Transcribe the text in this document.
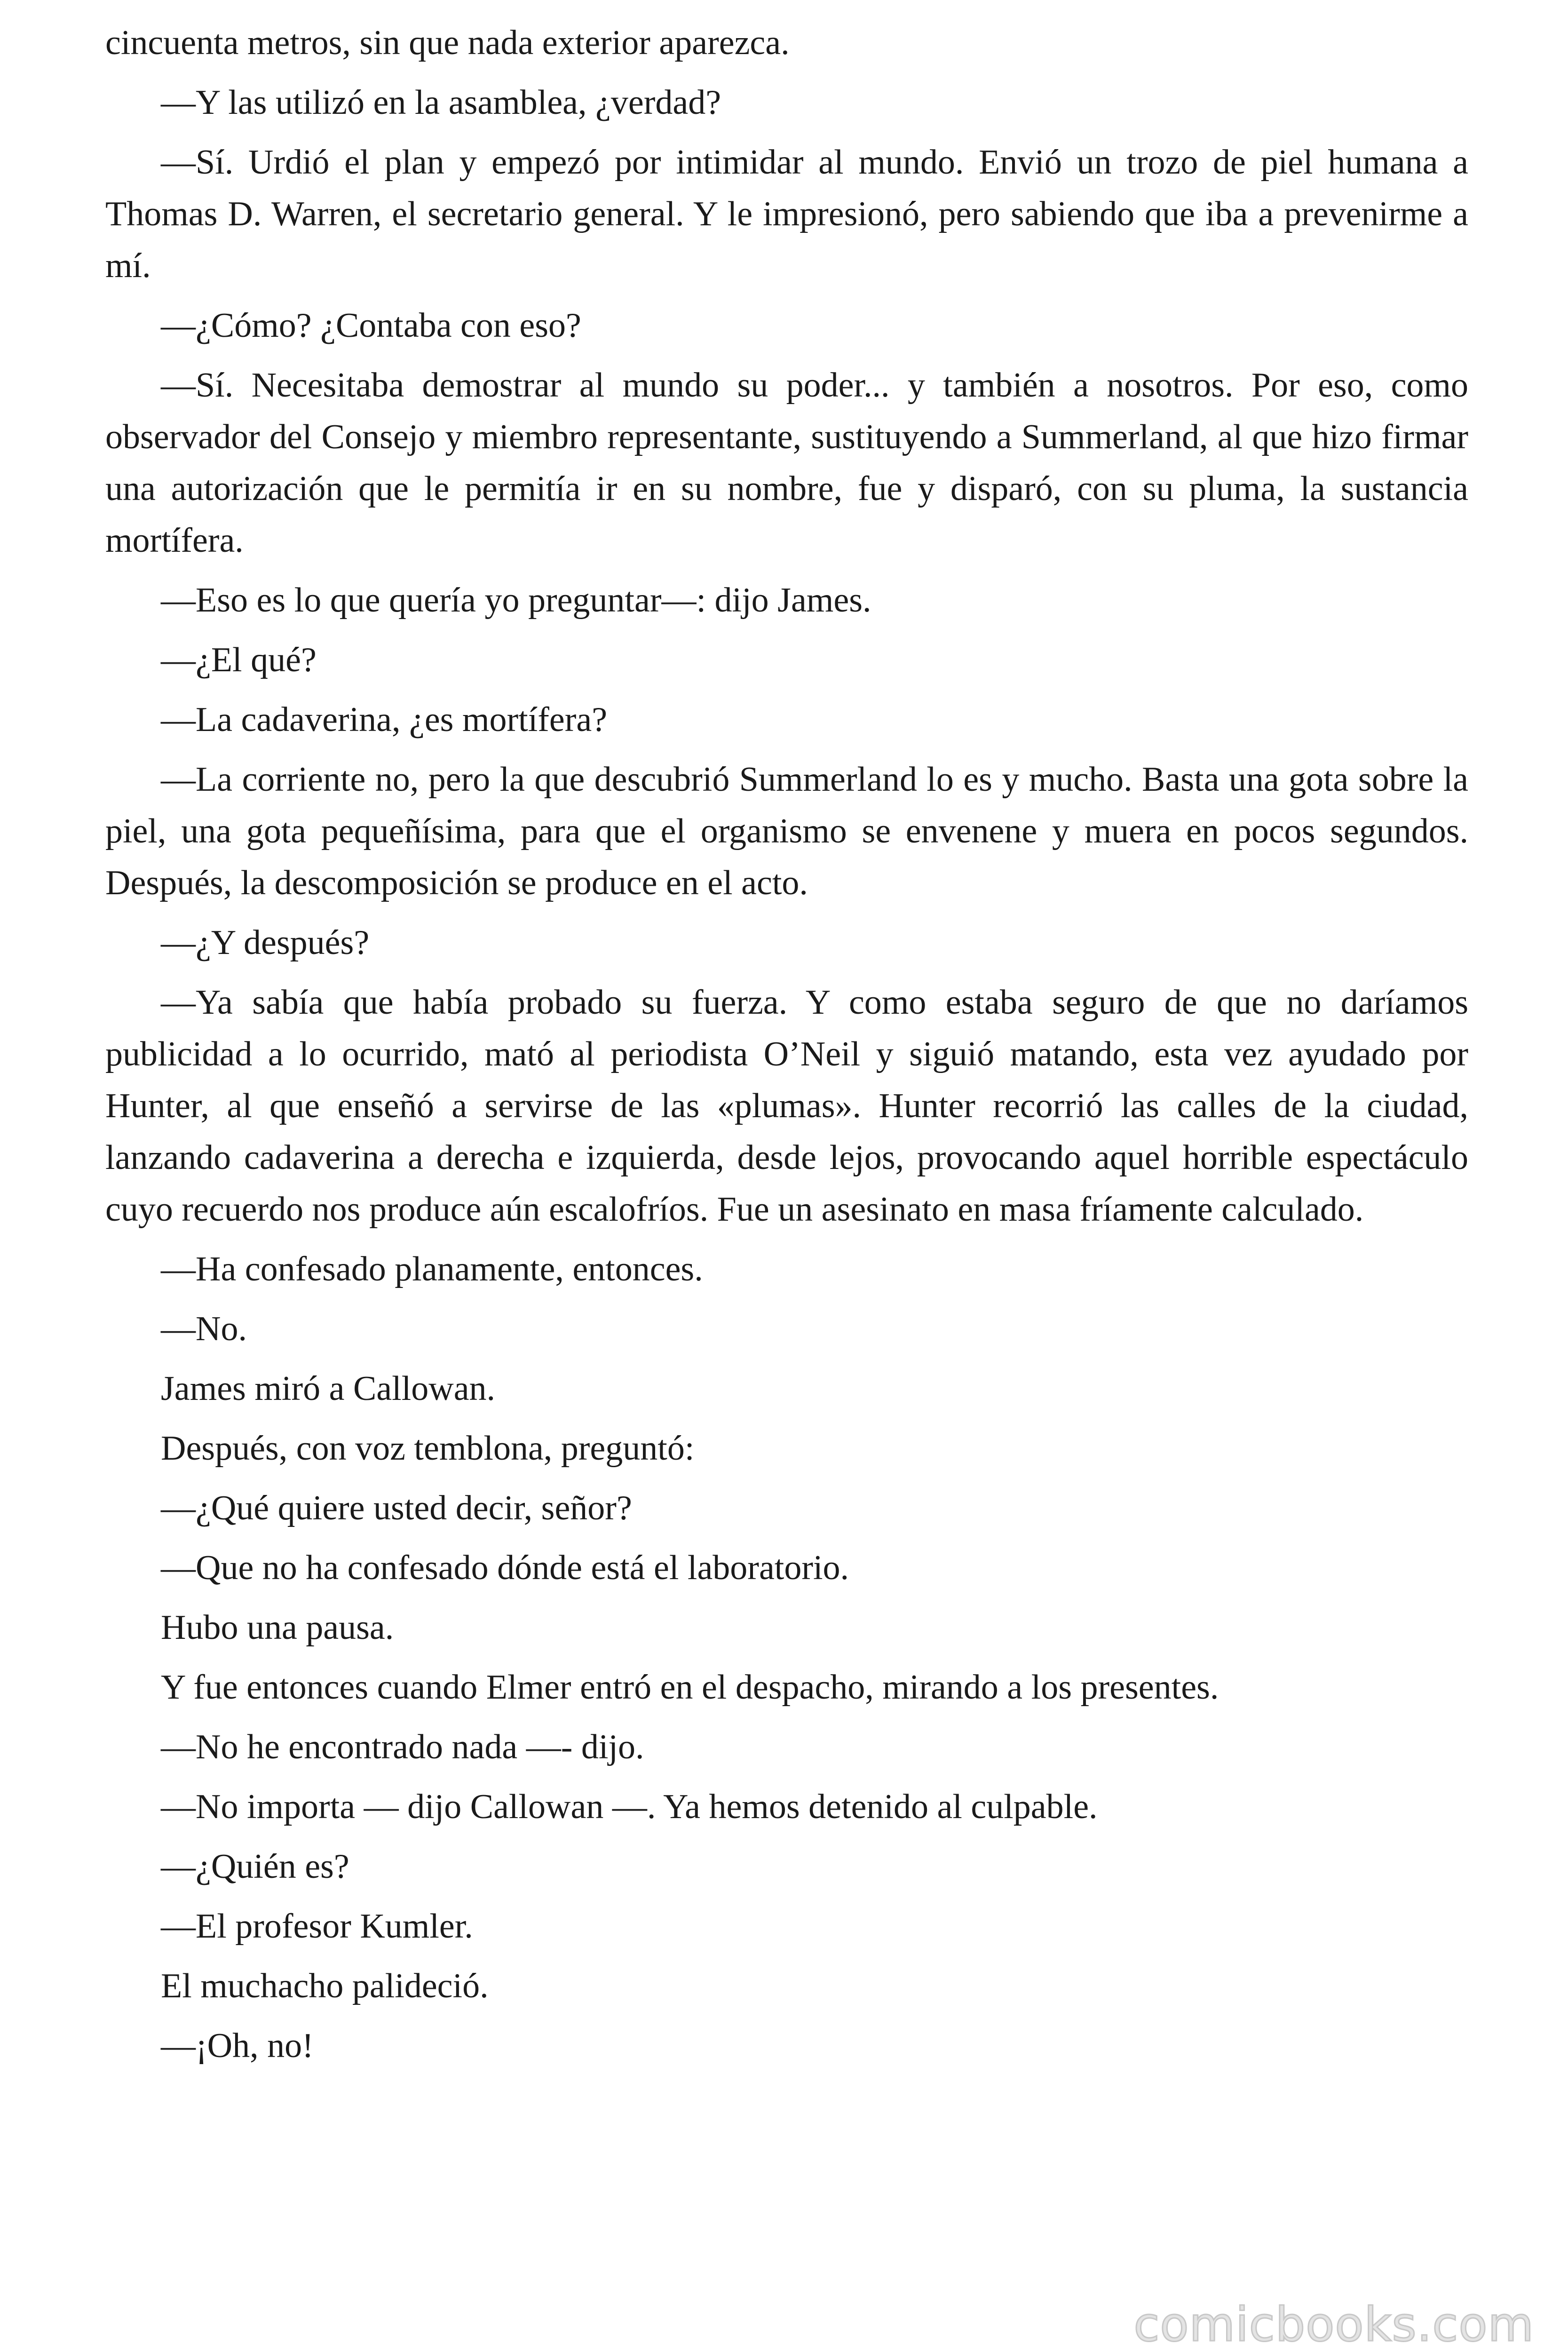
cincuenta metros, sin que nada exterior aparezca.

—Y las utilizó en la asamblea, ¿verdad?

—Sí. Urdió el plan y empezó por intimidar al mundo. Envió un trozo de piel humana a Thomas D. Warren, el secretario general. Y le impresionó, pero sabiendo que iba a prevenirme a mí.

—¿Cómo? ¿Contaba con eso?

—Sí. Necesitaba demostrar al mundo su poder... y también a nosotros. Por eso, como observador del Consejo y miembro representante, sustituyendo a Summerland, al que hizo firmar una autorización que le permitía ir en su nombre, fue y disparó, con su pluma, la sustancia mortífera.

—Eso es lo que quería yo preguntar—: dijo James.

—¿El qué?

—La cadaverina, ¿es mortífera?

—La corriente no, pero la que descubrió Summerland lo es y mucho. Basta una gota sobre la piel, una gota pequeñísima, para que el organismo se envenene y muera en pocos segundos. Después, la descomposición se produce en el acto.

—¿Y después?

—Ya sabía que había probado su fuerza. Y como estaba seguro de que no daríamos publicidad a lo ocurrido, mató al periodista O’Neil y siguió matando, esta vez ayudado por Hunter, al que enseñó a servirse de las «plumas». Hunter recorrió las calles de la ciudad, lanzando cadaverina a derecha e izquierda, desde lejos, provocando aquel horrible espectáculo cuyo recuerdo nos produce aún escalofríos. Fue un asesinato en masa fríamente calculado.

—Ha confesado planamente, entonces.

—No.

James miró a Callowan.

Después, con voz temblona, preguntó:

—¿Qué quiere usted decir, señor?

—Que no ha confesado dónde está el laboratorio.

Hubo una pausa.

Y fue entonces cuando Elmer entró en el despacho, mirando a los presentes.

—No he encontrado nada —- dijo.

—No importa — dijo Callowan —. Ya hemos detenido al culpable.

—¿Quién es?

—El profesor Kumler.

El muchacho palideció.

—¡Oh, no!

comicbooks.com
